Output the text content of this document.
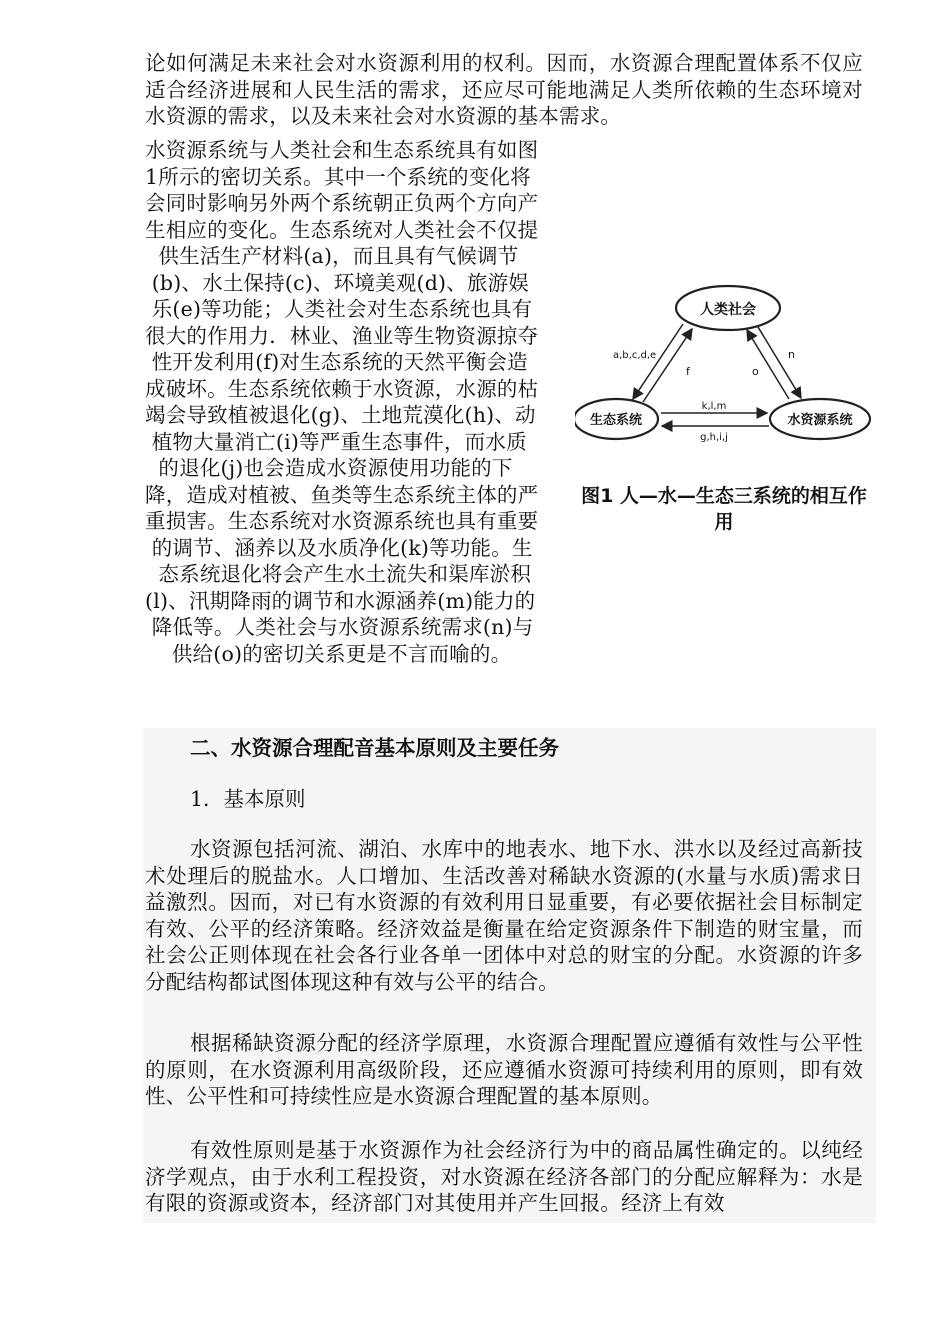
论如何满足未来社会对水资源利用的权利。因而，水资源合理配置体系不仅应适合经济进展和人民生活的需求，还应尽可能地满足人类所依赖的生态环境对水资源的需求，以及未来社会对水资源的基本需求。

水资源系统与人类社会和生态系统具有如图
1所示的密切关系。其中一个系统的变化将
会同时影响另外两个系统朝正负两个方向产
生相应的变化。生态系统对人类社会不仅提
供生活生产材料(a)，而且具有气候调节
(b)、水土保持(c)、环境美观(d)、旅游娱
乐(e)等功能；人类社会对生态系统也具有
很大的作用力．林业、渔业等生物资源掠夺
性开发利用(f)对生态系统的天然平衡会造
成破坏。生态系统依赖于水资源，水源的枯
竭会导致植被退化(g)、土地荒漠化(h)、动
植物大量消亡(i)等严重生态事件，而水质
的退化(j)也会造成水资源使用功能的下
降，造成对植被、鱼类等生态系统主体的严
重损害。生态系统对水资源系统也具有重要
的调节、涵养以及水质净化(k)等功能。生
态系统退化将会产生水土流失和渠库淤积
(l)、汛期降雨的调节和水源涵养(m)能力的
降低等。人类社会与水资源系统需求(n)与
供给(o)的密切关系更是不言而喻的。

人类社会
生态系统	水资源系统
a,b,c,d,e
f	o
n
k,l,m
g,h,i,j

图1 人—水—生态三系统的相互作用

二、水资源合理配音基本原则及主要任务

1．基本原则

水资源包括河流、湖泊、水库中的地表水、地下水、洪水以及经过高新技术处理后的脱盐水。人口增加、生活改善对稀缺水资源的(水量与水质)需求日益激烈。因而，对已有水资源的有效利用日显重要，有必要依据社会目标制定有效、公平的经济策略。经济效益是衡量在给定资源条件下制造的财宝量，而社会公正则体现在社会各行业各单一团体中对总的财宝的分配。水资源的许多分配结构都试图体现这种有效与公平的结合。

根据稀缺资源分配的经济学原理，水资源合理配置应遵循有效性与公平性的原则，在水资源利用高级阶段，还应遵循水资源可持续利用的原则，即有效性、公平性和可持续性应是水资源合理配置的基本原则。

有效性原则是基于水资源作为社会经济行为中的商品属性确定的。以纯经济学观点，由于水利工程投资，对水资源在经济各部门的分配应解释为：水是有限的资源或资本，经济部门对其使用并产生回报。经济上有效
